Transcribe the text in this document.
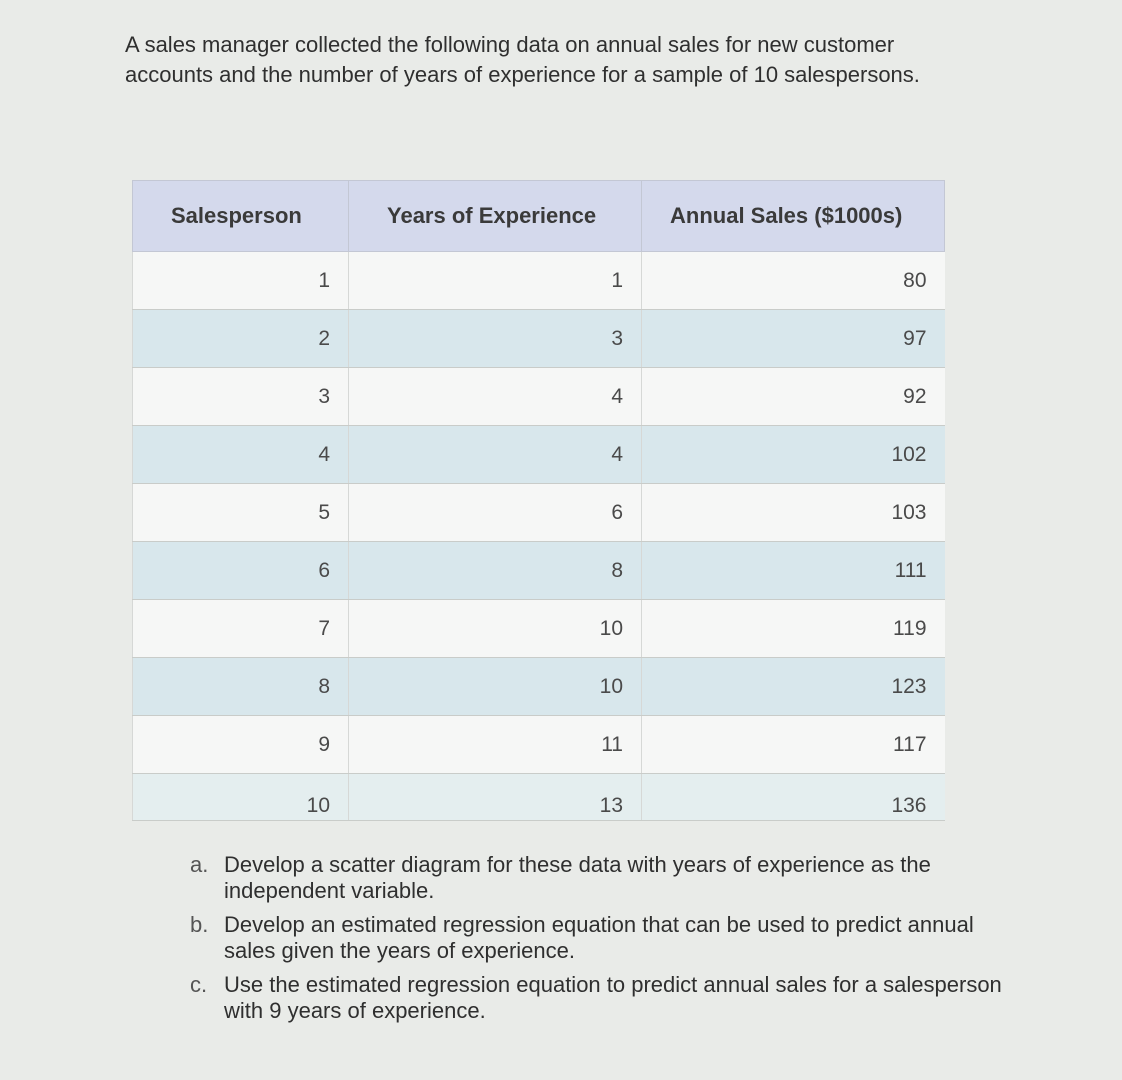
A sales manager collected the following data on annual sales for new customer
accounts and the number of years of experience for a sample of 10 salespersons.
Salesperson	Years of Experience	Annual Sales ($1000s)
1	1	80
2	3	97
3	4	92
4	4	102
5	6	103
6	8	111
7	10	119
8	10	123
9	11	117
10	13	136
a. Develop a scatter diagram for these data with years of experience as the independent variable.
b. Develop an estimated regression equation that can be used to predict annual sales given the years of experience.
c. Use the estimated regression equation to predict annual sales for a salesperson with 9 years of experience.
